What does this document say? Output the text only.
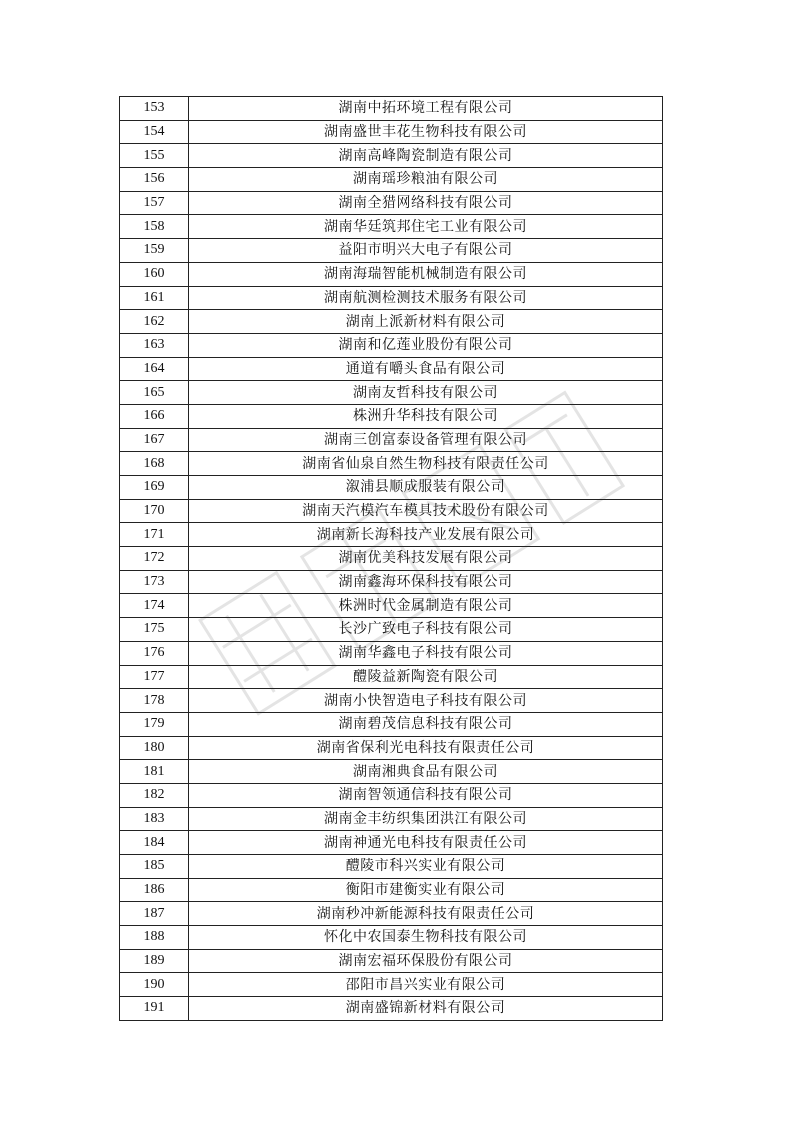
153	湖南中拓环境工程有限公司
154	湖南盛世丰花生物科技有限公司
155	湖南高峰陶瓷制造有限公司
156	湖南瑶珍粮油有限公司
157	湖南全猎网络科技有限公司
158	湖南华廷筑邦住宅工业有限公司
159	益阳市明兴大电子有限公司
160	湖南海瑞智能机械制造有限公司
161	湖南航测检测技术服务有限公司
162	湖南上派新材料有限公司
163	湖南和亿莲业股份有限公司
164	通道有嚼头食品有限公司
165	湖南友哲科技有限公司
166	株洲升华科技有限公司
167	湖南三创富泰设备管理有限公司
168	湖南省仙泉自然生物科技有限责任公司
169	溆浦县顺成服装有限公司
170	湖南天汽模汽车模具技术股份有限公司
171	湖南新长海科技产业发展有限公司
172	湖南优美科技发展有限公司
173	湖南鑫海环保科技有限公司
174	株洲时代金属制造有限公司
175	长沙广致电子科技有限公司
176	湖南华鑫电子科技有限公司
177	醴陵益新陶瓷有限公司
178	湖南小快智造电子科技有限公司
179	湖南碧茂信息科技有限公司
180	湖南省保利光电科技有限责任公司
181	湖南湘典食品有限公司
182	湖南智领通信科技有限公司
183	湖南金丰纺织集团洪江有限公司
184	湖南神通光电科技有限责任公司
185	醴陵市科兴实业有限公司
186	衡阳市建衡实业有限公司
187	湖南秒冲新能源科技有限责任公司
188	怀化中农国泰生物科技有限公司
189	湖南宏福环保股份有限公司
190	邵阳市昌兴实业有限公司
191	湖南盛锦新材料有限公司
